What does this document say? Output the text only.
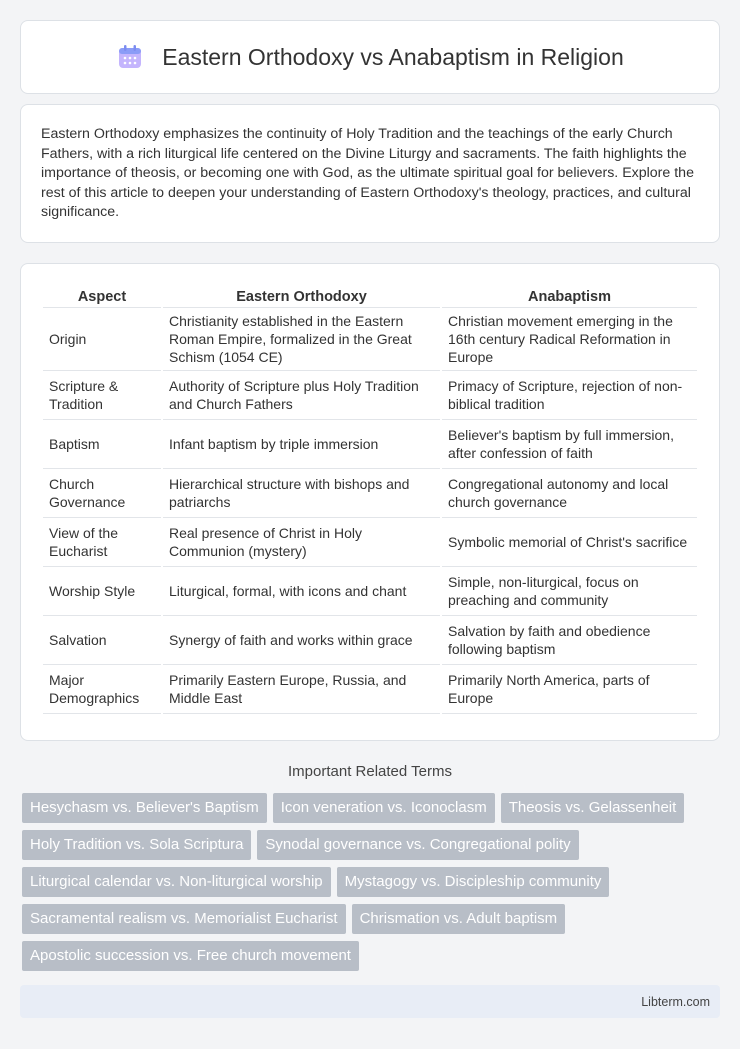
Eastern Orthodoxy vs Anabaptism in Religion

Eastern Orthodoxy emphasizes the continuity of Holy Tradition and the teachings of the early Church Fathers, with a rich liturgical life centered on the Divine Liturgy and sacraments. The faith highlights the importance of theosis, or becoming one with God, as the ultimate spiritual goal for believers. Explore the rest of this article to deepen your understanding of Eastern Orthodoxy's theology, practices, and cultural significance.

Aspect	Eastern Orthodoxy	Anabaptism
Origin	Christianity established in the Eastern Roman Empire, formalized in the Great Schism (1054 CE)	Christian movement emerging in the 16th century Radical Reformation in Europe
Scripture & Tradition	Authority of Scripture plus Holy Tradition and Church Fathers	Primacy of Scripture, rejection of non-biblical tradition
Baptism	Infant baptism by triple immersion	Believer's baptism by full immersion, after confession of faith
Church Governance	Hierarchical structure with bishops and patriarchs	Congregational autonomy and local church governance
View of the Eucharist	Real presence of Christ in Holy Communion (mystery)	Symbolic memorial of Christ's sacrifice
Worship Style	Liturgical, formal, with icons and chant	Simple, non-liturgical, focus on preaching and community
Salvation	Synergy of faith and works within grace	Salvation by faith and obedience following baptism
Major Demographics	Primarily Eastern Europe, Russia, and Middle East	Primarily North America, parts of Europe
Important Related Terms
Hesychasm vs. Believer's Baptism	Icon veneration vs. Iconoclasm	Theosis vs. Gelassenheit
Holy Tradition vs. Sola Scriptura	Synodal governance vs. Congregational polity
Liturgical calendar vs. Non-liturgical worship	Mystagogy vs. Discipleship community
Sacramental realism vs. Memorialist Eucharist	Chrismation vs. Adult baptism
Apostolic succession vs. Free church movement
Libterm.com
